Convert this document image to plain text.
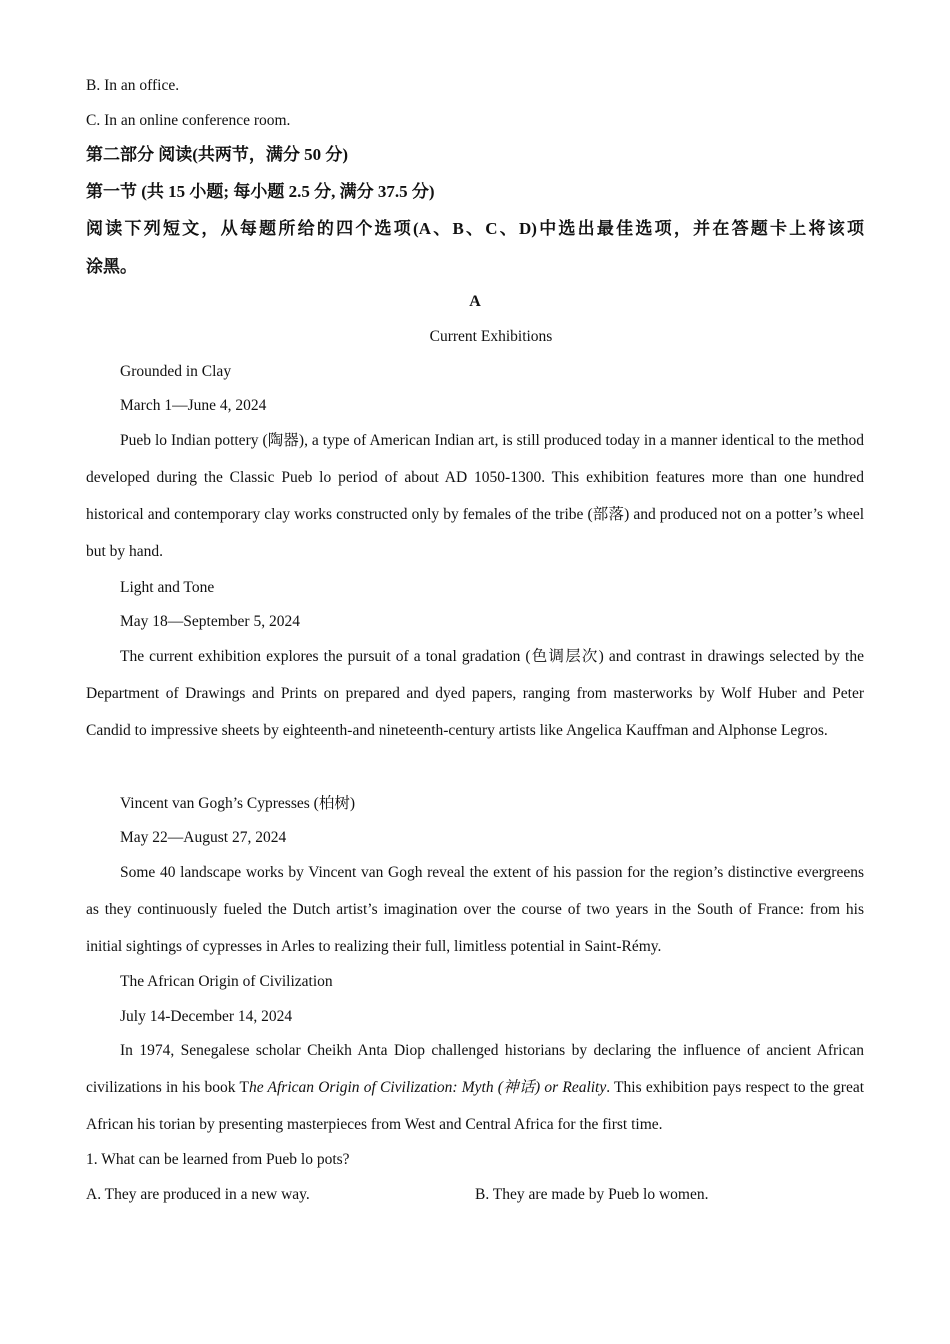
B. In an office.
C. In an online conference room.
第二部分 阅读(共两节，满分 50 分)
第一节 (共 15 小题; 每小题 2.5 分, 满分 37.5 分)
阅读下列短文，从每题所给的四个选项(A、B、C、D)中选出最佳选项，并在答题卡上将该项
涂黑。
A
Current Exhibitions
Grounded in Clay
March 1—June 4, 2024

Pueb lo Indian pottery (陶器), a type of American Indian art, is still produced today in a manner identical to the method developed during the Classic Pueb lo period of about AD 1050-1300. This exhibition features more than one hundred historical and contemporary clay works constructed only by females of the tribe (部落) and produced not on a potter’s wheel but by hand.

Light and Tone
May 18—September 5, 2024

The current exhibition explores the pursuit of a tonal gradation (色调层次) and contrast in drawings selected by the Department of Drawings and Prints on prepared and dyed papers, ranging from masterworks by Wolf Huber and Peter Candid to impressive sheets by eighteenth-and nineteenth-century artists like Angelica Kauffman and Alphonse Legros.

Vincent van Gogh’s Cypresses (柏树)
May 22—August 27, 2024

Some 40 landscape works by Vincent van Gogh reveal the extent of his passion for the region’s distinctive evergreens as they continuously fueled the Dutch artist’s imagination over the course of two years in the South of France: from his initial sightings of cypresses in Arles to realizing their full, limitless potential in Saint-Rémy.

The African Origin of Civilization
July 14-December 14, 2024

In 1974, Senegalese scholar Cheikh Anta Diop challenged historians by declaring the influence of ancient African civilizations in his book The African Origin of Civilization: Myth (神话) or Reality. This exhibition pays respect to the great African his torian by presenting masterpieces from West and Central Africa for the first time.

1. What can be learned from Pueb lo pots?
A. They are produced in a new way.	B. They are made by Pueb lo women.
